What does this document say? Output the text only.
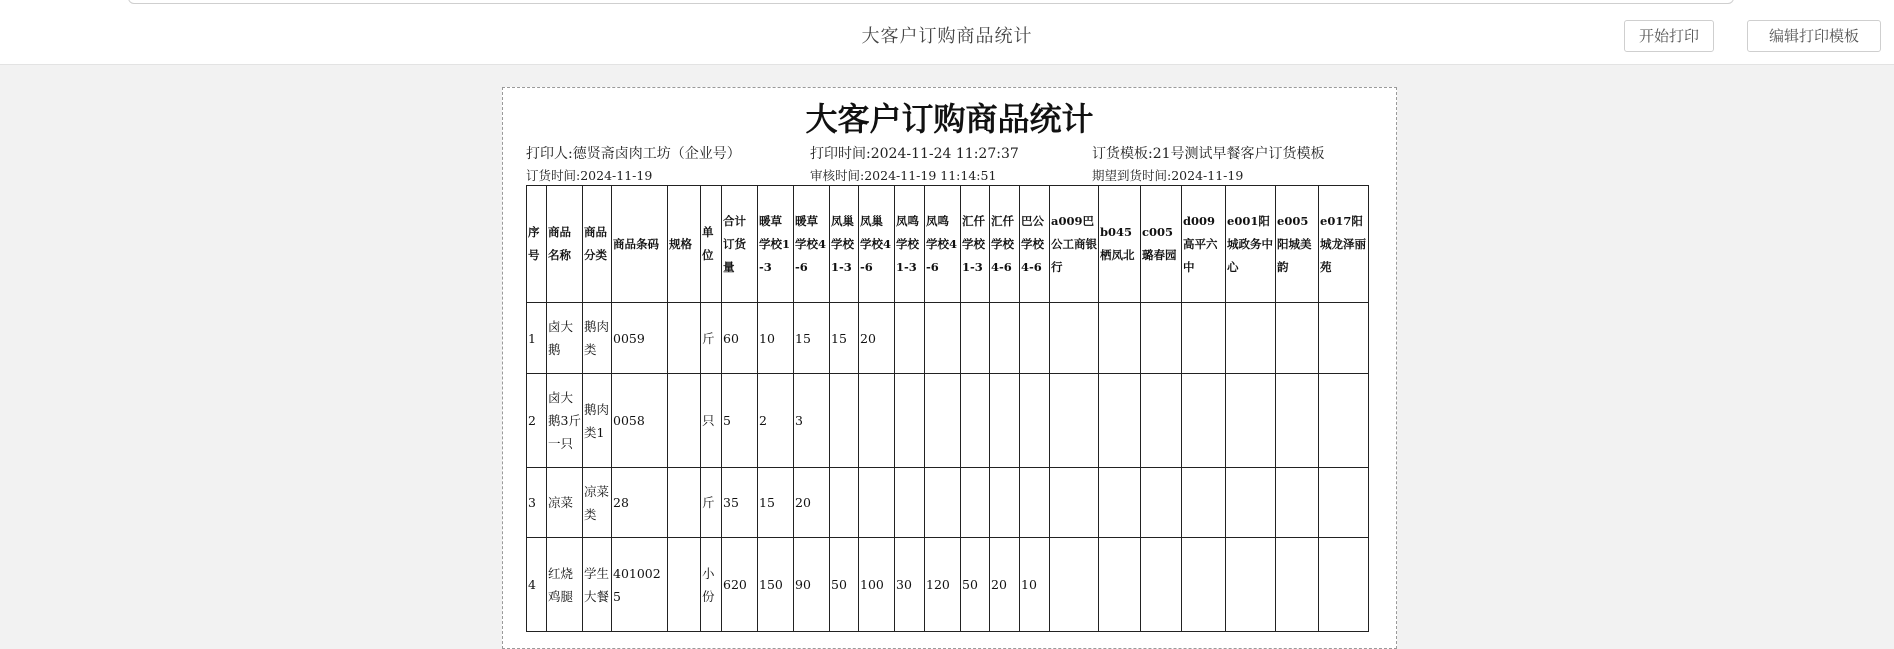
大客户订购商品统计	开始打印	编辑打印模板
大客户订购商品统计
打印人:德贤斋卤肉工坊（企业号）	打印时间:2024-11-24 11:27:37	订货模板:21号测试早餐客户订货模板
订货时间:2024-11-19	审核时间:2024-11-19 11:14:51	期望到货时间:2024-11-19
序号	商品名称	商品分类	商品条码	规格	单位	合计订货量	暖草学校1-3	暖草学校4-6	凤巢学校1-3	凤巢学校4-6	凤鸣学校1-3	凤鸣学校4-6	汇仟学校1-3	汇仟学校4-6	巴公学校4-6	a009巴公工商银行	b045栖凤北	c005璐春园	d009高平六中	e001阳城政务中心	e005阳城美韵	e017阳城龙泽丽苑
1	卤大鹅	鹅肉类	0059		斤	60	10	15	15	20												
2	卤大鹅3斤一只	鹅肉类1	0058		只	5	2	3														
3	凉菜	凉菜类	28		斤	35	15	20														
4	红烧鸡腿	学生大餐	4010025		小份	620	150	90	50	100	30	120	50	20	10							
